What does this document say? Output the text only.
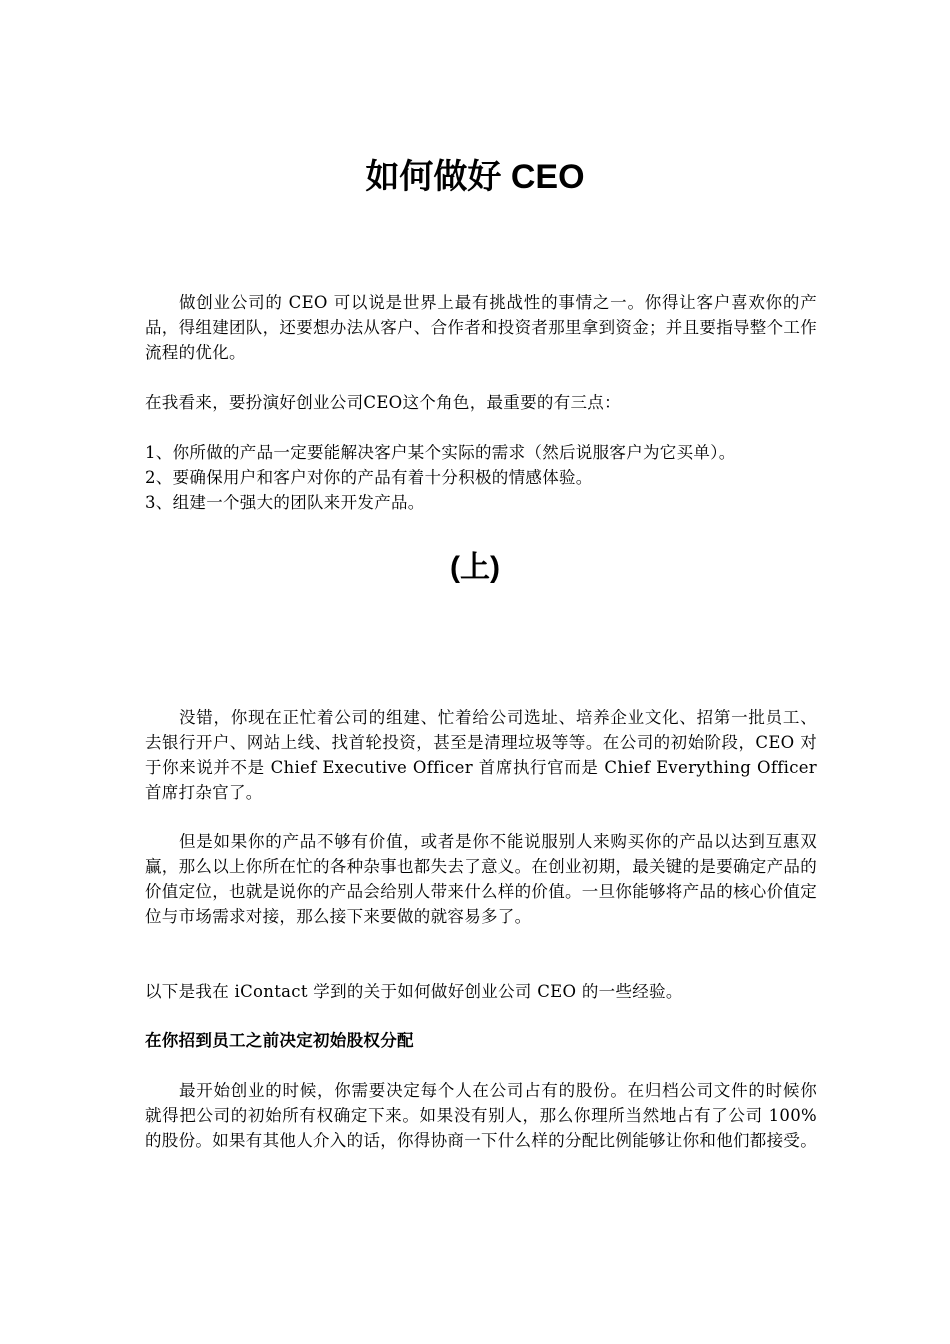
如何做好 CEO

做创业公司的 CEO 可以说是世界上最有挑战性的事情之一。你得让客户喜欢你的产品，得组建团队，还要想办法从客户、合作者和投资者那里拿到资金；并且要指导整个工作流程的优化。

在我看来，要扮演好创业公司CEO这个角色，最重要的有三点：

1、你所做的产品一定要能解决客户某个实际的需求（然后说服客户为它买单）。
2、要确保用户和客户对你的产品有着十分积极的情感体验。
3、组建一个强大的团队来开发产品。
(上)

没错，你现在正忙着公司的组建、忙着给公司选址、培养企业文化、招第一批员工、去银行开户、网站上线、找首轮投资，甚至是清理垃圾等等。在公司的初始阶段，CEO 对于你来说并不是 Chief Executive Officer 首席执行官而是 Chief Everything Officer 首席打杂官了。

但是如果你的产品不够有价值，或者是你不能说服别人来购买你的产品以达到互惠双赢，那么以上你所在忙的各种杂事也都失去了意义。在创业初期，最关键的是要确定产品的价值定位，也就是说你的产品会给别人带来什么样的价值。一旦你能够将产品的核心价值定位与市场需求对接，那么接下来要做的就容易多了。

以下是我在 iContact 学到的关于如何做好创业公司 CEO 的一些经验。

在你招到员工之前决定初始股权分配

最开始创业的时候，你需要决定每个人在公司占有的股份。在归档公司文件的时候你就得把公司的初始所有权确定下来。如果没有别人，那么你理所当然地占有了公司 100% 的股份。如果有其他人介入的话，你得协商一下什么样的分配比例能够让你和他们都接受。
